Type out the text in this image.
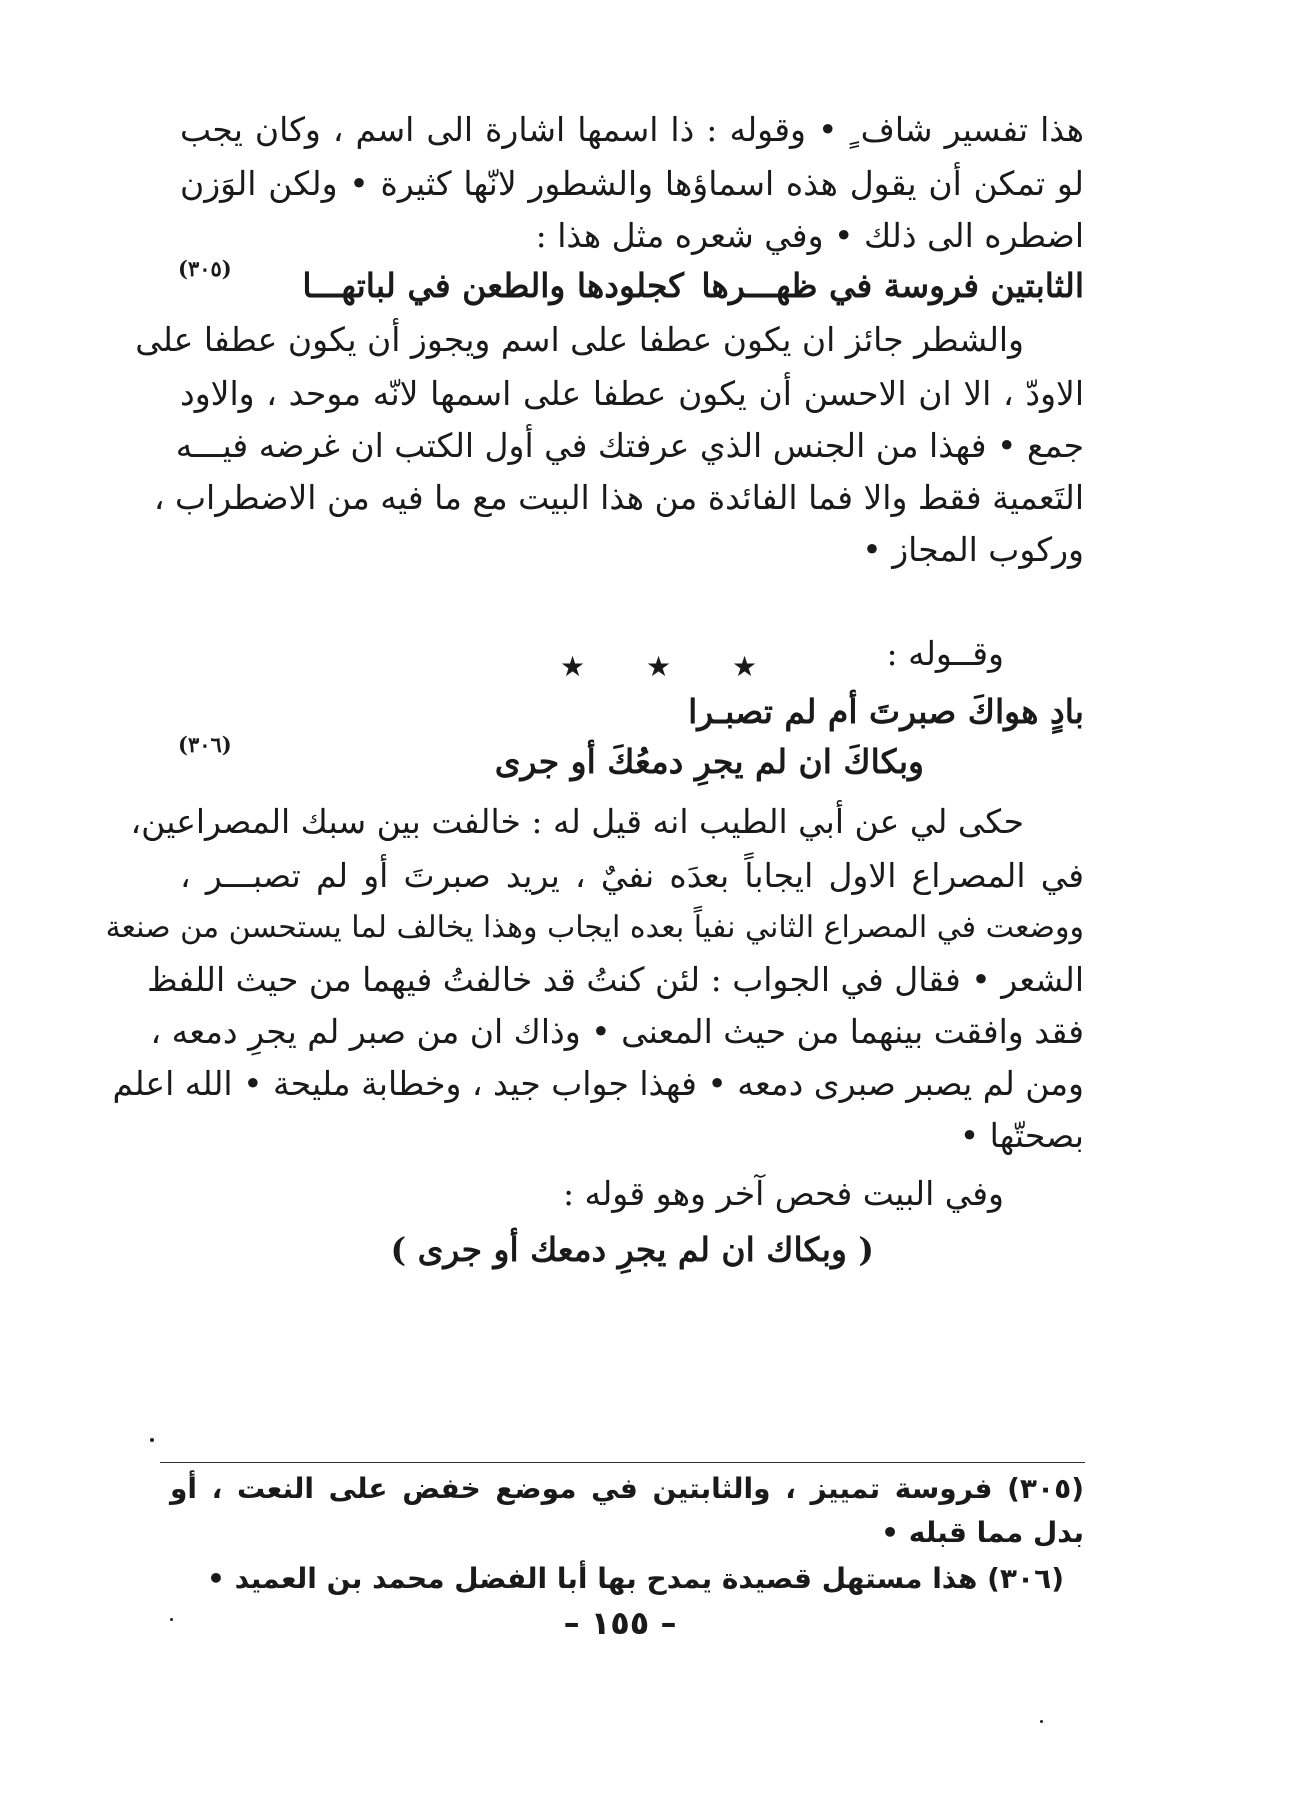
هذا تفسير شاف ٍ • وقوله : ذا اسمها اشارة الى اسم ، وكان يجب
لو تمكن أن يقول هذه اسماؤها والشطور لانّها كثيرة • ولكن الوَزن
اضطره الى ذلك • وفي شعره مثل هذا :
الثابتين فروسة في ظهـــرها
كجلودها والطعن في لباتهـــا
(٣٠٥)
والشطر جائز ان يكون عطفا على اسم ويجوز أن يكون عطفا على
الاودّ ، الا ان الاحسن أن يكون عطفا على اسمها لانّه موحد ، والاود
جمع • فهذا من الجنس الذي عرفتك في أول الكتب ان غرضه فيـــه
التَعمية فقط والا فما الفائدة من هذا البيت مع ما فيه من الاضطراب ،
وركوب المجاز •
★ ★ ★	وقــوله :
بادٍ هواكَ صبرتَ أم لم تصبـرا
وبكاكَ ان لم يجرِ دمعُكَ أو جرى
(٣٠٦)
حكى لي عن أبي الطيب انه قيل له : خالفت بين سبك المصراعين،
في المصراع الاول ايجاباً بعدَه نفيٌ ، يريد صبرتَ أو لم تصبـــر ،
ووضعت في المصراع الثاني نفياً بعده ايجاب وهذا يخالف لما يستحسن من صنعة
الشعر • فقال في الجواب : لئن كنتُ قد خالفتُ فيهما من حيث اللفظ
فقد وافقت بينهما من حيث المعنى • وذاك ان من صبر لم يجرِ دمعه ،
ومن لم يصبر صبرى دمعه • فهذا جواب جيد ، وخطابة مليحة • الله اعلم
بصحتّها •
وفي البيت فحص آخر وهو قوله :
( وبكاك ان لم يجرِ دمعك أو جرى )
(٣٠٥) فروسة تمييز ، والثابتين في موضع خفض على النعت ، أو
بدل مما قبله •
(٣٠٦) هذا مستهل قصيدة يمدح بها أبا الفضل محمد بن العميد •
– ١٥٥ –
